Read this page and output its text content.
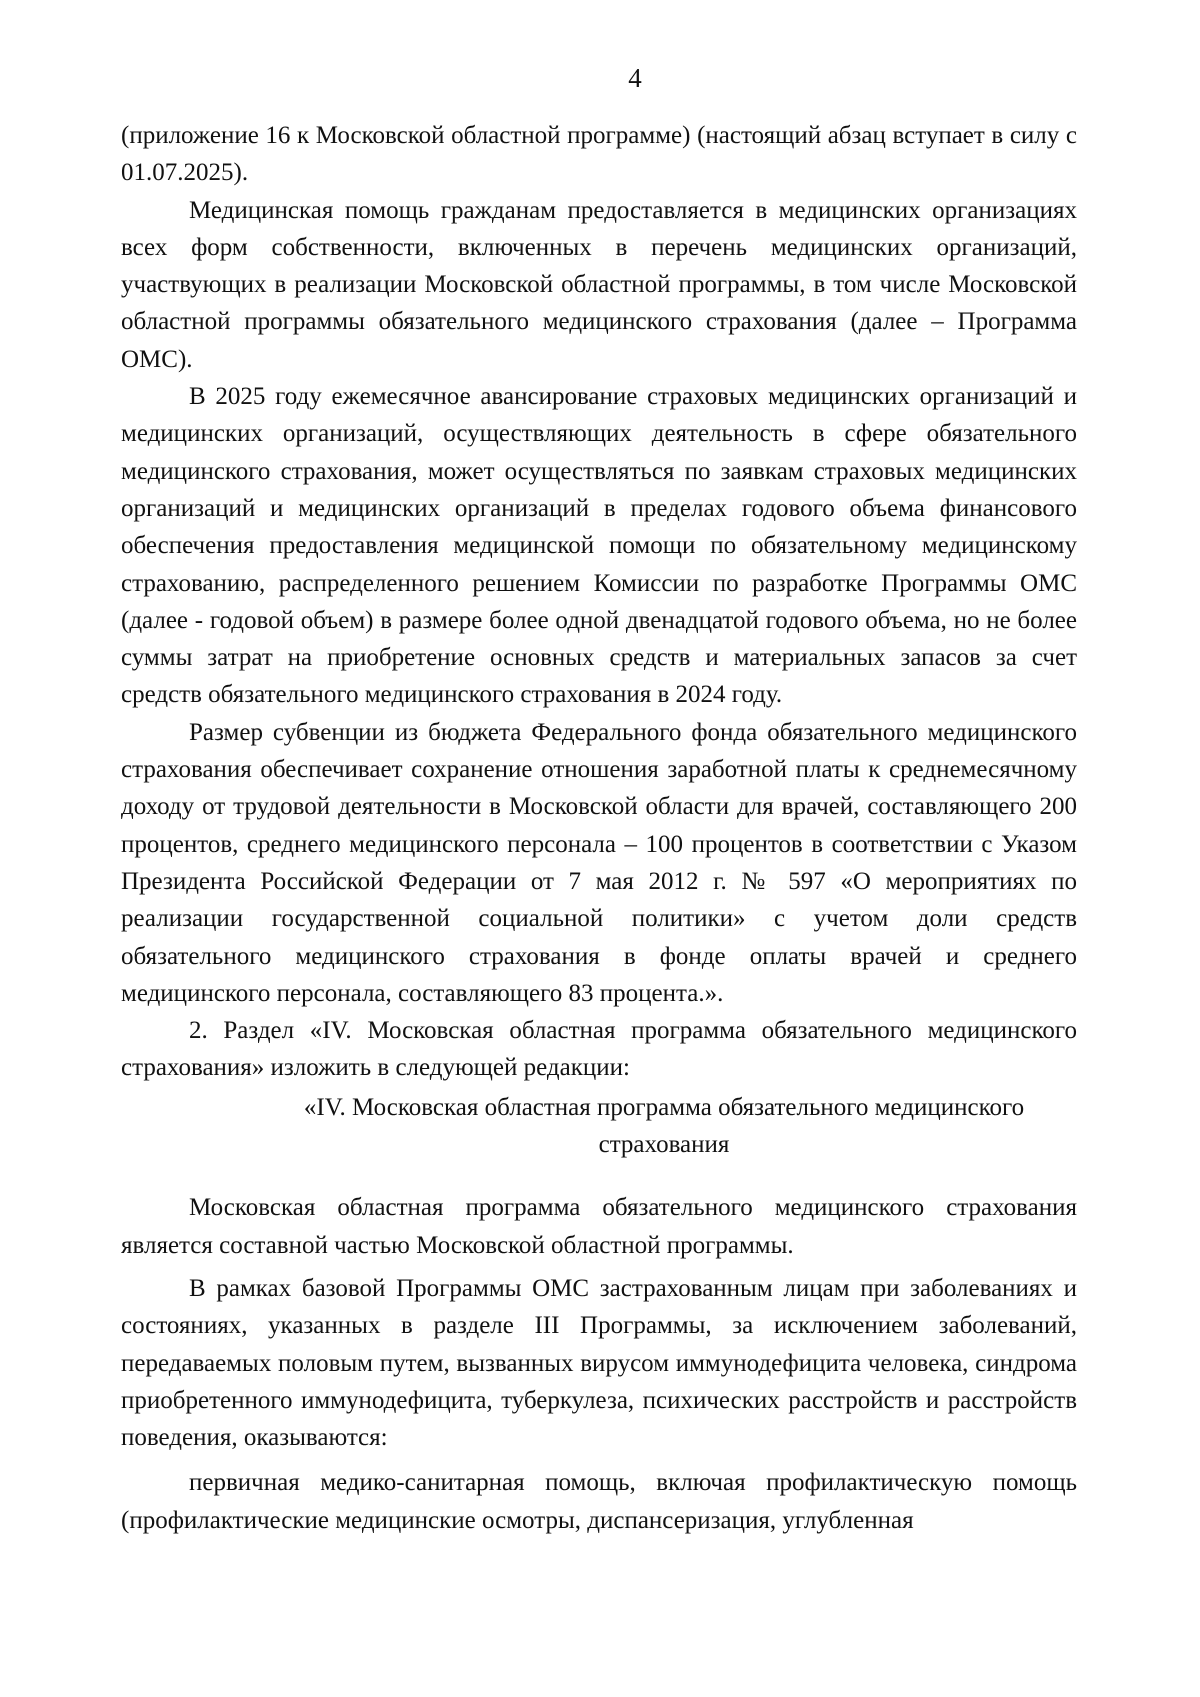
4

(приложение 16 к Московской областной программе) (настоящий абзац вступает в силу с 01.07.2025).

Медицинская помощь гражданам предоставляется в медицинских организациях всех форм собственности, включенных в перечень медицинских организаций, участвующих в реализации Московской областной программы, в том числе Московской областной программы обязательного медицинского страхования (далее – Программа ОМС).

В 2025 году ежемесячное авансирование страховых медицинских организаций и медицинских организаций, осуществляющих деятельность в сфере обязательного медицинского страхования, может осуществляться по заявкам страховых медицинских организаций и медицинских организаций в пределах годового объема финансового обеспечения предоставления медицинской помощи по обязательному медицинскому страхованию, распределенного решением Комиссии по разработке Программы ОМС (далее - годовой объем) в размере более одной двенадцатой годового объема, но не более суммы затрат на приобретение основных средств и материальных запасов за счет средств обязательного медицинского страхования в 2024 году.

Размер субвенции из бюджета Федерального фонда обязательного медицинского страхования обеспечивает сохранение отношения заработной платы к среднемесячному доходу от трудовой деятельности в Московской области для врачей, составляющего 200 процентов, среднего медицинского персонала – 100 процентов в соответствии с Указом Президента Российской Федерации от 7 мая 2012 г. № 597 «О мероприятиях по реализации государственной социальной политики» с учетом доли средств обязательного медицинского страхования в фонде оплаты врачей и среднего медицинского персонала, составляющего 83 процента.».

2. Раздел «IV. Московская областная программа обязательного медицинского страхования» изложить в следующей редакции:

«IV. Московская областная программа обязательного медицинского
страхования

Московская областная программа обязательного медицинского страхования является составной частью Московской областной программы.

В рамках базовой Программы ОМС застрахованным лицам при заболеваниях и состояниях, указанных в разделе III Программы, за исключением заболеваний, передаваемых половым путем, вызванных вирусом иммунодефицита человека, синдрома приобретенного иммунодефицита, туберкулеза, психических расстройств и расстройств поведения, оказываются:

первичная медико-санитарная помощь, включая профилактическую помощь (профилактические медицинские осмотры, диспансеризация, углубленная
